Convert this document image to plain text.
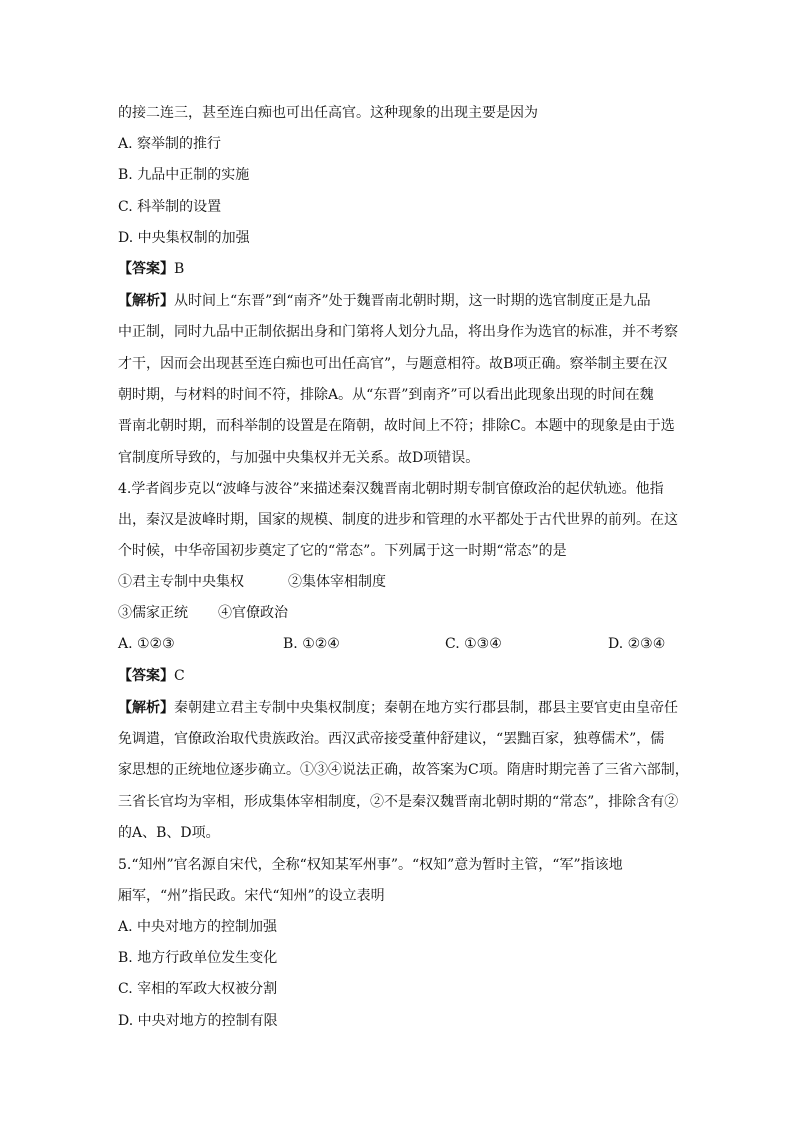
的接二连三，甚至连白痴也可出任高官。这种现象的出现主要是因为
A. 察举制的推行
B. 九品中正制的实施
C. 科举制的设置
D. 中央集权制的加强
【答案】B
【解析】从时间上“东晋”到“南齐”处于魏晋南北朝时期，这一时期的选官制度正是九品
中正制，同时九品中正制依据出身和门第将人划分九品，将出身作为选官的标准，并不考察
才干，因而会出现甚至连白痴也可出任高官”，与题意相符。故B项正确。察举制主要在汉
朝时期，与材料的时间不符，排除A。从“东晋”到南齐”可以看出此现象出现的时间在魏
晋南北朝时期，而科举制的设置是在隋朝，故时间上不符；排除C。本题中的现象是由于选
官制度所导致的，与加强中央集权并无关系。故D项错误。
4.学者阎步克以“波峰与波谷”来描述秦汉魏晋南北朝时期专制官僚政治的起伏轨迹。他指
出，秦汉是波峰时期，国家的规模、制度的进步和管理的水平都处于古代世界的前列。在这
个时候，中华帝国初步奠定了它的“常态”。下列属于这一时期“常态”的是
①君主专制中央集权	②集体宰相制度
③儒家正统 ④官僚政治
A. ①②③	B. ①②④	C. ①③④	D. ②③④
【答案】C
【解析】秦朝建立君主专制中央集权制度；秦朝在地方实行郡县制，郡县主要官吏由皇帝任
免调遣，官僚政治取代贵族政治。西汉武帝接受董仲舒建议，“罢黜百家，独尊儒术”，儒
家思想的正统地位逐步确立。①③④说法正确，故答案为C项。隋唐时期完善了三省六部制，
三省长官均为宰相，形成集体宰相制度，②不是秦汉魏晋南北朝时期的“常态”，排除含有②
的A、B、D项。
5.“知州”官名源自宋代，全称“权知某军州事”。“权知”意为暂时主管，“军”指该地
厢军，“州”指民政。宋代“知州”的设立表明
A. 中央对地方的控制加强
B. 地方行政单位发生变化
C. 宰相的军政大权被分割
D. 中央对地方的控制有限
